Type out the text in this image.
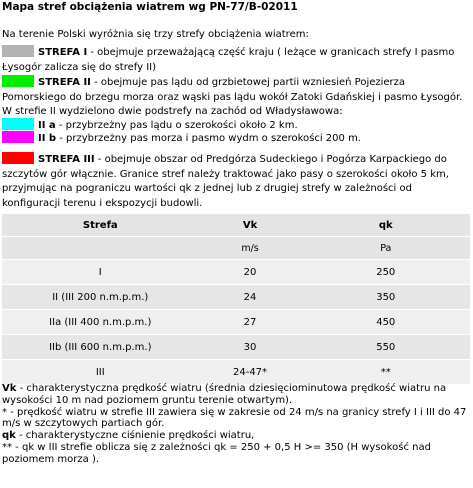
Mapa stref obciążenia wiatrem wg PN-77/B-02011
Na terenie Polski wyróżnia się trzy strefy obciążenia wiatrem:
STREFA I - obejmuje przeważającą część kraju ( leżące w granicach strefy I pasmo Łysogór zalicza się do strefy II)
STREFA II - obejmuje pas lądu od grzbietowej partii wzniesień Pojezierza Pomorskiego do brzegu morza oraz wąski pas lądu wokół Zatoki Gdańskiej i pasmo Łysogór. W strefie II wydzielono dwie podstrefy na zachód od Władysławowa:
II a - przybrzeżny pas lądu o szerokości około 2 km.
II b - przybrzeżny pas morza i pasmo wydm o szerokości 200 m.
STREFA III - obejmuje obszar od Predgórza Sudeckiego i Pogórza Karpackiego do szczytów gór włącznie. Granice stref należy traktować jako pasy o szerokości około 5 km, przyjmując na pograniczu wartości qk z jednej lub z drugiej strefy w zależności od konfiguracji terenu i ekspozycji budowli.
Strefa	Vk	qk
	m/s	Pa
I	20	250
II (III 200 n.m.p.m.)	24	350
IIa (III 400 n.m.p.m.)	27	450
IIb (III 600 n.m.p.m.)	30	550
III	24-47*	**
Vk - charakterystyczna prędkość wiatru (średnia dziesięciominutowa prędkość wiatru na wysokości 10 m nad poziomem gruntu terenie otwartym).
* - prędkość wiatru w strefie III zawiera się w zakresie od 24 m/s na granicy strefy I i III do 47 m/s w szczytowych partiach gór.
qk - charakterystyczne ciśnienie prędkości wiatru,
** - qk w III strefie oblicza się z zależności qk = 250 + 0,5 H >= 350 (H wysokość nad poziomem morza ).
